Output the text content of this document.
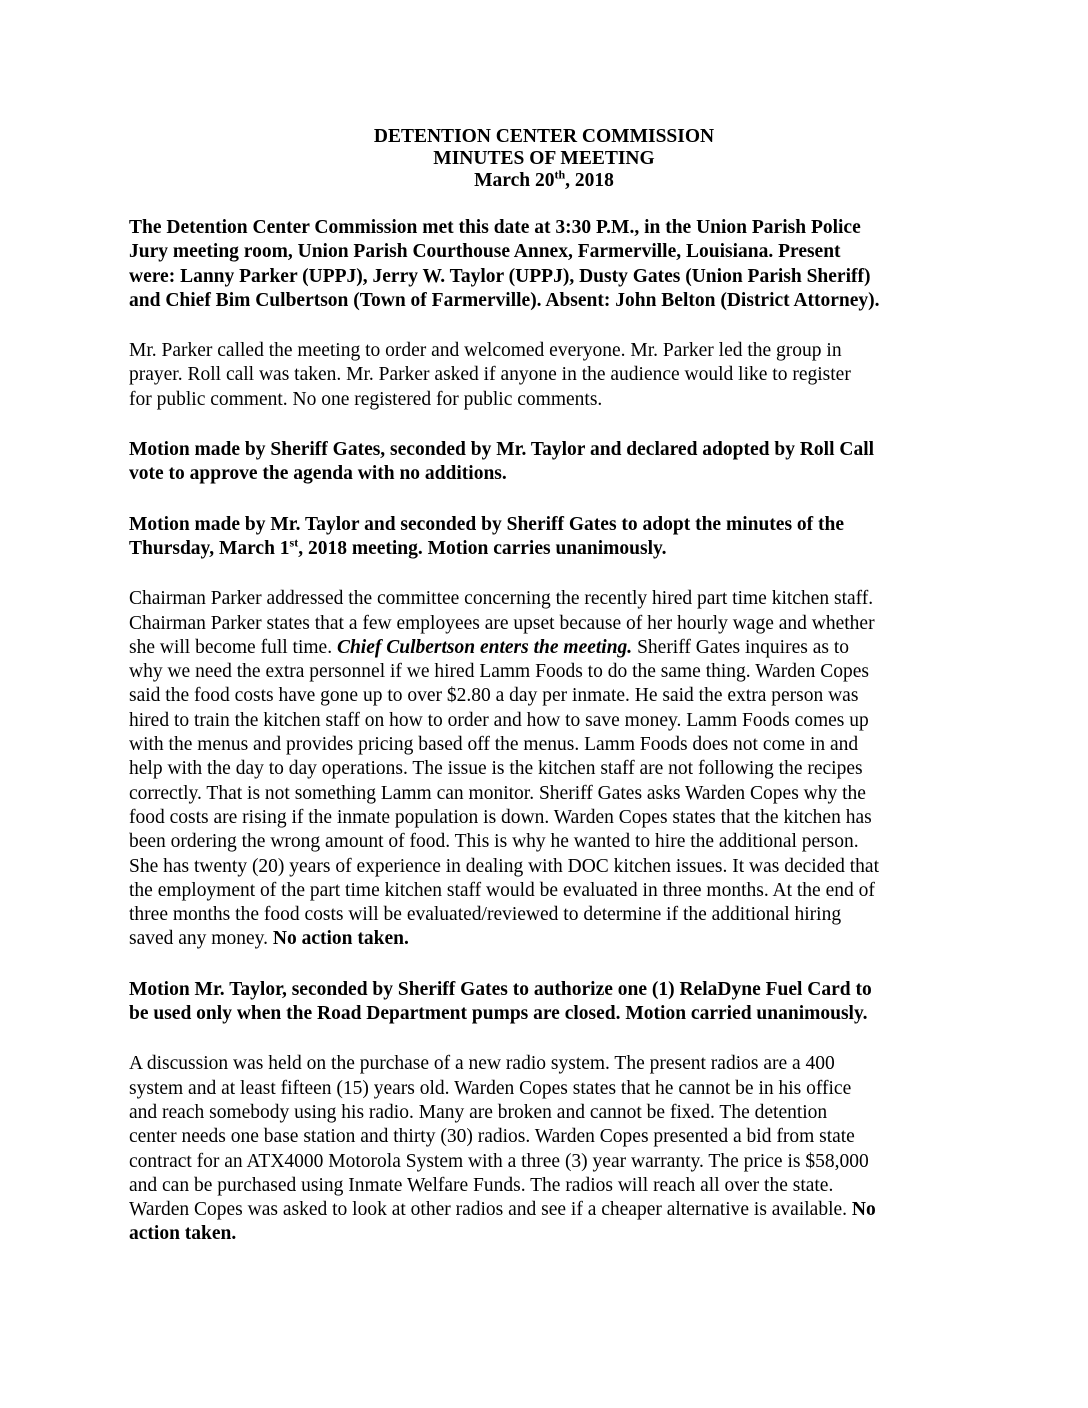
DETENTION CENTER COMMISSION
MINUTES OF MEETING
March 20th, 2018

The Detention Center Commission met this date at 3:30 P.M., in the Union Parish Police
Jury meeting room, Union Parish Courthouse Annex, Farmerville, Louisiana. Present
were: Lanny Parker (UPPJ), Jerry W. Taylor (UPPJ), Dusty Gates (Union Parish Sheriff)
and Chief Bim Culbertson (Town of Farmerville). Absent: John Belton (District Attorney).

Mr. Parker called the meeting to order and welcomed everyone. Mr. Parker led the group in
prayer. Roll call was taken. Mr. Parker asked if anyone in the audience would like to register
for public comment. No one registered for public comments.

Motion made by Sheriff Gates, seconded by Mr. Taylor and declared adopted by Roll Call
vote to approve the agenda with no additions.

Motion made by Mr. Taylor and seconded by Sheriff Gates to adopt the minutes of the
Thursday, March 1st, 2018 meeting. Motion carries unanimously.

Chairman Parker addressed the committee concerning the recently hired part time kitchen staff.
Chairman Parker states that a few employees are upset because of her hourly wage and whether
she will become full time. Chief Culbertson enters the meeting. Sheriff Gates inquires as to
why we need the extra personnel if we hired Lamm Foods to do the same thing. Warden Copes
said the food costs have gone up to over $2.80 a day per inmate. He said the extra person was
hired to train the kitchen staff on how to order and how to save money. Lamm Foods comes up
with the menus and provides pricing based off the menus. Lamm Foods does not come in and
help with the day to day operations. The issue is the kitchen staff are not following the recipes
correctly. That is not something Lamm can monitor. Sheriff Gates asks Warden Copes why the
food costs are rising if the inmate population is down. Warden Copes states that the kitchen has
been ordering the wrong amount of food. This is why he wanted to hire the additional person.
She has twenty (20) years of experience in dealing with DOC kitchen issues. It was decided that
the employment of the part time kitchen staff would be evaluated in three months. At the end of
three months the food costs will be evaluated/reviewed to determine if the additional hiring
saved any money. No action taken.

Motion Mr. Taylor, seconded by Sheriff Gates to authorize one (1) RelaDyne Fuel Card to
be used only when the Road Department pumps are closed. Motion carried unanimously.

A discussion was held on the purchase of a new radio system. The present radios are a 400
system and at least fifteen (15) years old. Warden Copes states that he cannot be in his office
and reach somebody using his radio. Many are broken and cannot be fixed. The detention
center needs one base station and thirty (30) radios. Warden Copes presented a bid from state
contract for an ATX4000 Motorola System with a three (3) year warranty. The price is $58,000
and can be purchased using Inmate Welfare Funds. The radios will reach all over the state.
Warden Copes was asked to look at other radios and see if a cheaper alternative is available. No
action taken.
